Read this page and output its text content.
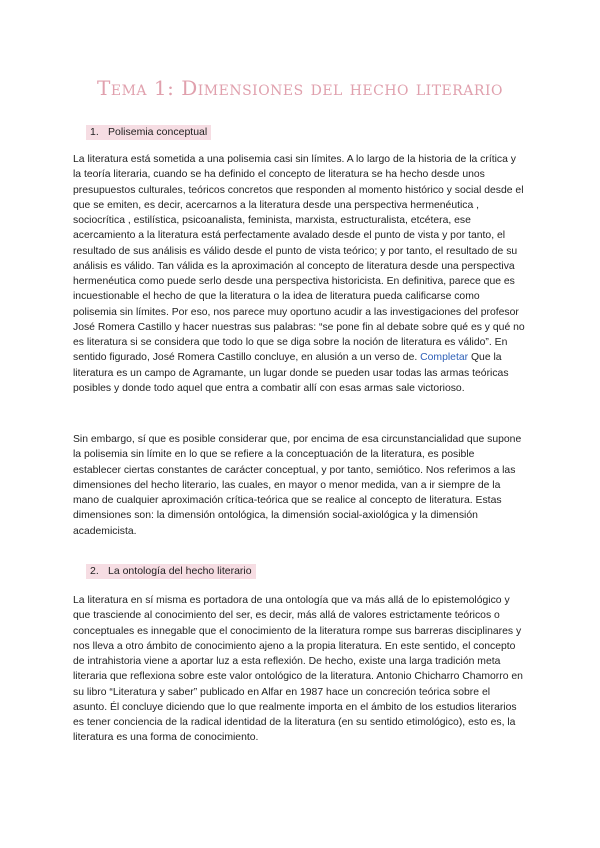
Tema 1: Dimensiones del hecho literario
1. Polisemia conceptual

La literatura está sometida a una polisemia casi sin límites. A lo largo de la historia de la crítica y la teoría literaria, cuando se ha definido el concepto de literatura se ha hecho desde unos presupuestos culturales, teóricos concretos que responden al momento histórico y social desde el que se emiten, es decir, acercarnos a la literatura desde una perspectiva hermenéutica , sociocrítica , estilística, psicoanalista, feminista, marxista, estructuralista, etcétera, ese acercamiento a la literatura está perfectamente avalado desde el punto de vista y por tanto, el resultado de sus análisis es válido desde el punto de vista teórico; y por tanto, el resultado de su análisis es válido. Tan válida es la aproximación al concepto de literatura desde una perspectiva hermenéutica como puede serlo desde una perspectiva historicista. En definitiva, parece que es incuestionable el hecho de que la literatura o la idea de literatura pueda calificarse como polisemia sin límites. Por eso, nos parece muy oportuno acudir a las investigaciones del profesor José Romera Castillo y hacer nuestras sus palabras: “se pone fin al debate sobre qué es y qué no es literatura si se considera que todo lo que se diga sobre la noción de literatura es válido”. En sentido figurado, José Romera Castillo concluye, en alusión a un verso de. Completar Que la literatura es un campo de Agramante, un lugar donde se pueden usar todas las armas teóricas posibles y donde todo aquel que entra a combatir allí con esas armas sale victorioso.

Sin embargo, sí que es posible considerar que, por encima de esa circunstancialidad que supone la polisemia sin límite en lo que se refiere a la conceptuación de la literatura, es posible establecer ciertas constantes de carácter conceptual, y por tanto, semiótico. Nos referimos a las dimensiones del hecho literario, las cuales, en mayor o menor medida, van a ir siempre de la mano de cualquier aproximación crítica-teórica que se realice al concepto de literatura. Estas dimensiones son: la dimensión ontológica, la dimensión social-axiológica y la dimensión academicista.

2. La ontología del hecho literario

La literatura en sí misma es portadora de una ontología que va más allá de lo epistemológico y que trasciende al conocimiento del ser, es decir, más allá de valores estrictamente teóricos o conceptuales es innegable que el conocimiento de la literatura rompe sus barreras disciplinares y nos lleva a otro ámbito de conocimiento ajeno a la propia literatura. En este sentido, el concepto de intrahistoria viene a aportar luz a esta reflexión. De hecho, existe una larga tradición meta literaria que reflexiona sobre este valor ontológico de la literatura. Antonio Chicharro Chamorro en su libro “Literatura y saber” publicado en Alfar en 1987 hace un concreción teórica sobre el asunto. Él concluye diciendo que lo que realmente importa en el ámbito de los estudios literarios es tener conciencia de la radical identidad de la literatura (en su sentido etimológico), esto es, la literatura es una forma de conocimiento.
